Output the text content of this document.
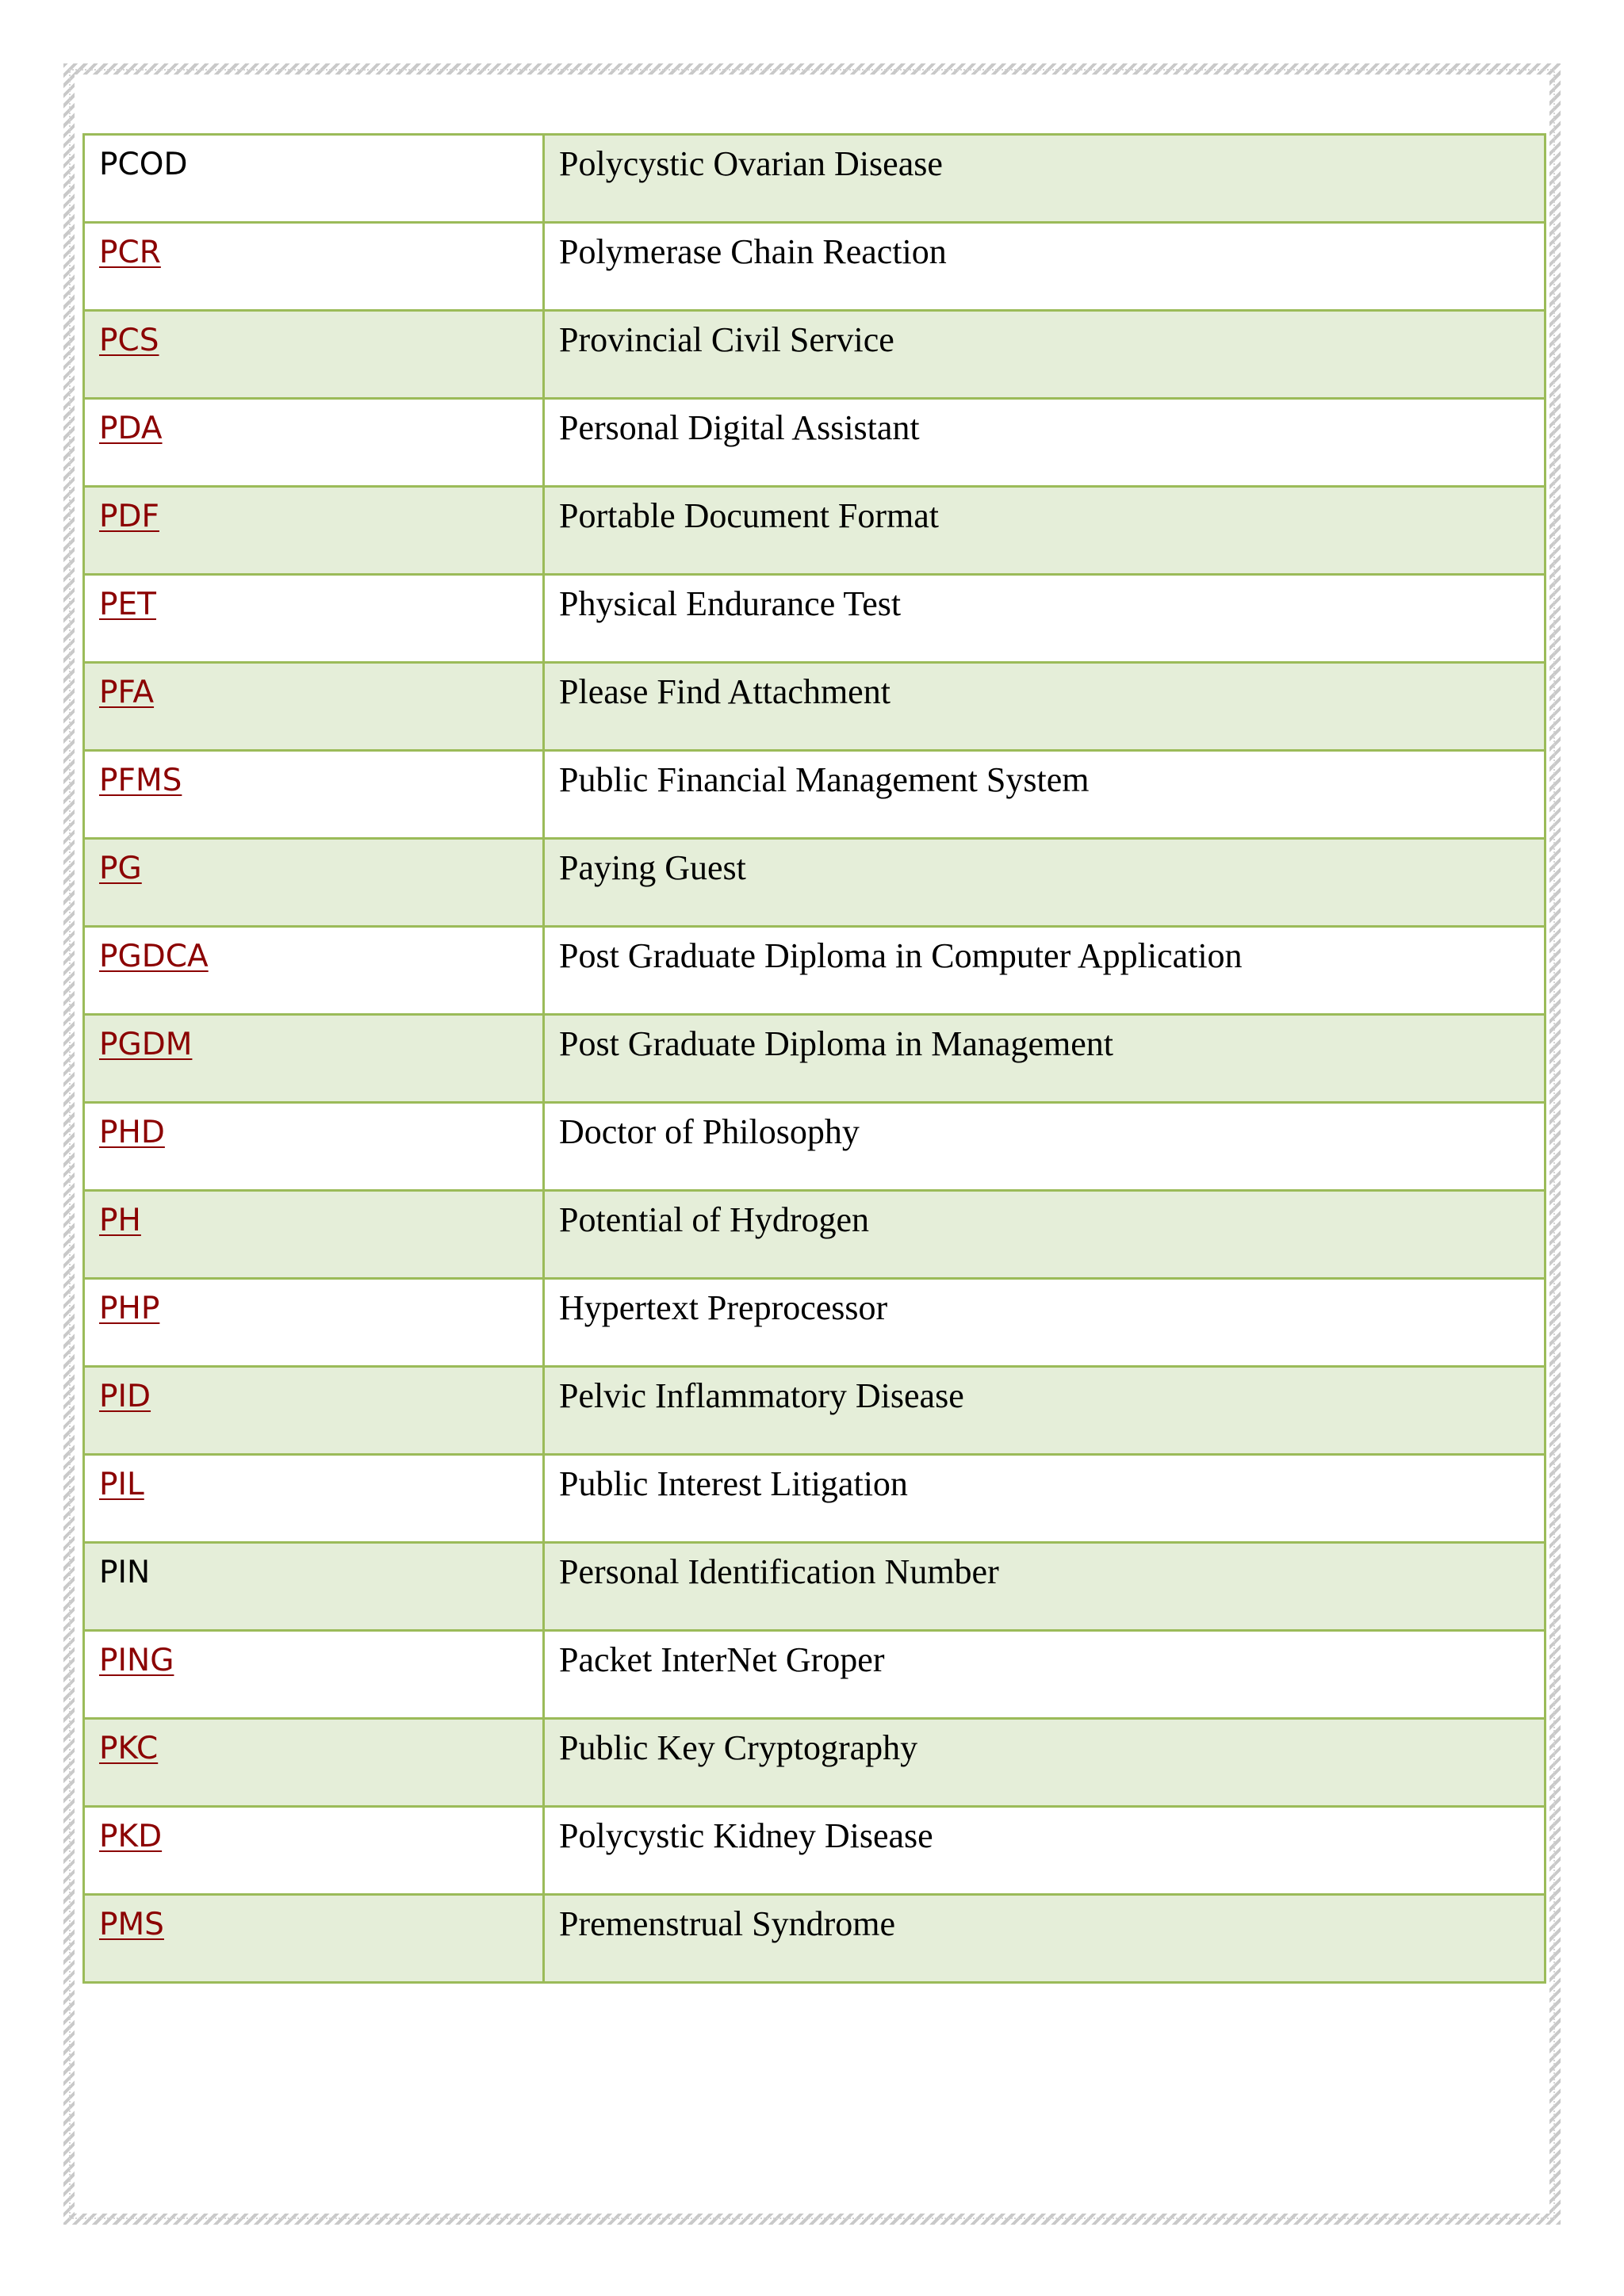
PCOD	Polycystic Ovarian Disease
PCR	Polymerase Chain Reaction
PCS	Provincial Civil Service
PDA	Personal Digital Assistant
PDF	Portable Document Format
PET	Physical Endurance Test
PFA	Please Find Attachment
PFMS	Public Financial Management System
PG	Paying Guest
PGDCA	Post Graduate Diploma in Computer Application
PGDM	Post Graduate Diploma in Management
PHD	Doctor of Philosophy
PH	Potential of Hydrogen
PHP	Hypertext Preprocessor
PID	Pelvic Inflammatory Disease
PIL	Public Interest Litigation
PIN	Personal Identification Number
PING	Packet InterNet Groper
PKC	Public Key Cryptography
PKD	Polycystic Kidney Disease
PMS	Premenstrual Syndrome
